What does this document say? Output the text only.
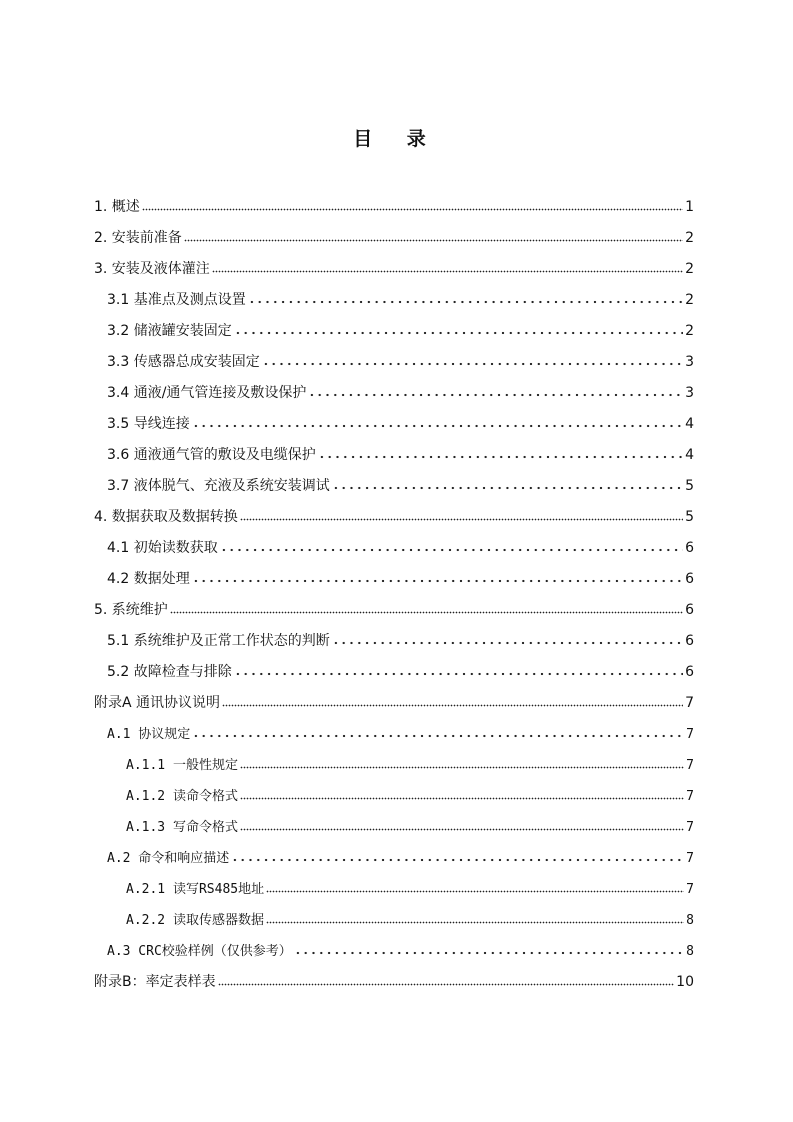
目 录
1. 概述	1
2. 安装前准备	2
3. 安装及液体灌注	2
3.1 基准点及测点设置	2
3.2 储液罐安装固定	2
3.3 传感器总成安装固定	3
3.4 通液/通气管连接及敷设保护	3
3.5 导线连接	4
3.6 通液通气管的敷设及电缆保护	4
3.7 液体脱气、充液及系统安装调试	5
4. 数据获取及数据转换	5
4.1 初始读数获取	6
4.2 数据处理	6
5. 系统维护	6
5.1 系统维护及正常工作状态的判断	6
5.2 故障检查与排除	6
附录A 通讯协议说明	7
A.1 协议规定	7
A.1.1 一般性规定	7
A.1.2 读命令格式	7
A.1.3 写命令格式	7
A.2 命令和响应描述	7
A.2.1 读写RS485地址	7
A.2.2 读取传感器数据	8
A.3 CRC校验样例（仅供参考）	8
附录B：率定表样表	10
